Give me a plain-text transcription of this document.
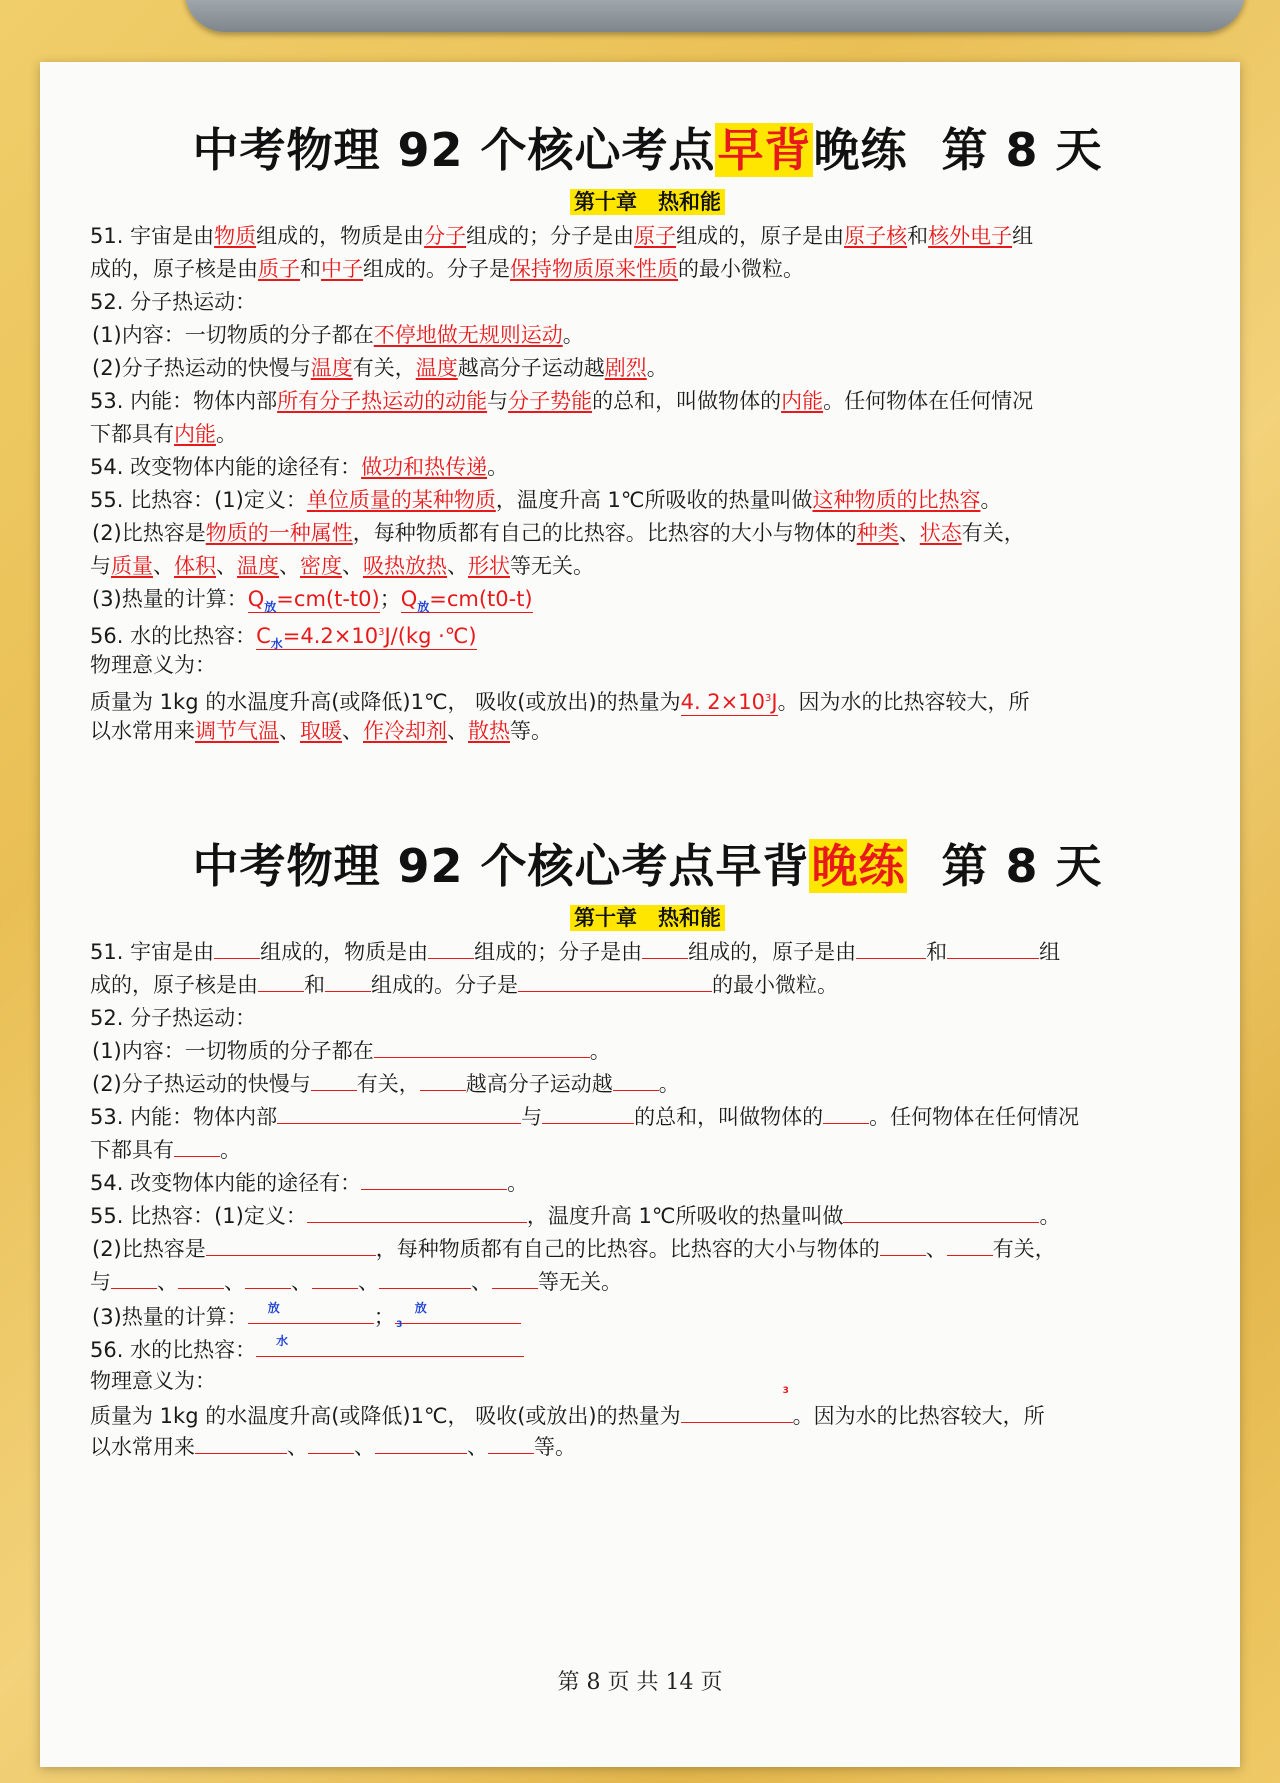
中考物理 92 个核心考点早背晚练 第 8 天
第十章　热和能
51. 宇宙是由物质组成的，物质是由分子组成的；分子是由原子组成的，原子是由原子核和核外电子组
成的，原子核是由质子和中子组成的。分子是保持物质原来性质的最小微粒。
52. 分子热运动：
(1)内容：一切物质的分子都在不停地做无规则运动。
(2)分子热运动的快慢与温度有关，温度越高分子运动越剧烈。
53. 内能：物体内部所有分子热运动的动能与分子势能的总和，叫做物体的内能。任何物体在任何情况
下都具有内能。
54. 改变物体内能的途径有：做功和热传递。
55. 比热容：(1)定义：单位质量的某种物质，温度升高 1℃所吸收的热量叫做这种物质的比热容。
(2)比热容是物质的一种属性，每种物质都有自己的比热容。比热容的大小与物体的种类、状态有关，
与质量、体积、温度、密度、吸热放热、形状等无关。
(3)热量的计算：$Q_放=cm(t-t0)$；$Q_放=cm(t0-t)$
56. 水的比热容：$C_水=4.2\times 10^3J/(kg$ ·℃)
物理意义为：
质量为 1kg 的水温度升高(或降低)1℃， 吸收(或放出)的热量为4. $2\times 10^3J$。因为水的比热容较大，所
以水常用来调节气温、取暖、作冷却剂、散热等。
中考物理 92 个核心考点早背晚练 第 8 天
第十章　热和能
51. 宇宙是由 组成的，物质是由 组成的；分子是由 组成的，原子是由	和	组
成的，原子核是由 和 组成的。分子是	的最小微粒。
52. 分子热运动：
(1)内容：一切物质的分子都在	。
(2)分子热运动的快慢与 有关， 越高分子运动越 。
53. 内能：物体内部	与	的总和，叫做物体的 。任何物体在任何情况
下都具有 。
54. 改变物体内能的途径有：	。
55. 比热容：(1)定义：	，温度升高 1℃所吸收的热量叫做	。
(2)比热容是	，每种物质都有自己的比热容。比热容的大小与物体的 、 有关，
与 、 、 、 、	、 等无关。
(3)热量的计算： 放	； 放
56. 水的比热容： 水
3
物理意义为：
质量为 1kg 的水温度升高(或降低)1℃， 吸收(或放出)的热量为
3
。因为水的比热容较大，所
以水常用来	、 、	、 等。
第 8 页 共 14 页
